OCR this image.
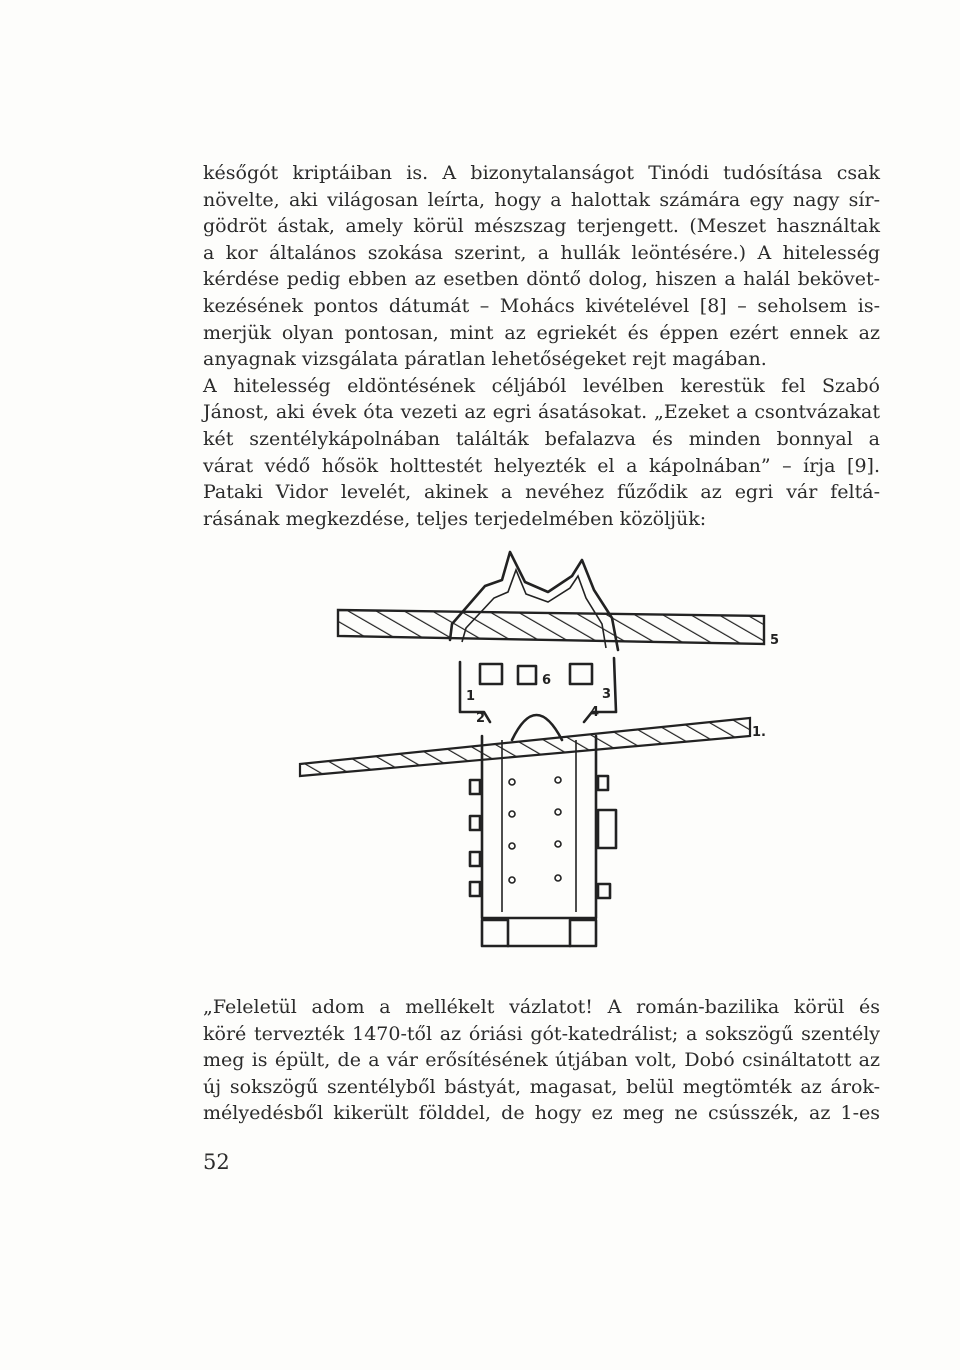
későgót kriptáiban is. A bizonytalanságot Tinódi tudósítása csak
növelte, aki világosan leírta, hogy a halottak számára egy nagy sír-
gödröt ástak, amely körül mészszag terjengett. (Meszet használtak
a kor általános szokása szerint, a hullák leöntésére.) A hitelesség
kérdése pedig ebben az esetben döntő dolog, hiszen a halál bekövet-
kezésének pontos dátumát – Mohács kivételével [8] – seholsem is-
merjük olyan pontosan, mint az egriekét és éppen ezért ennek az
anyagnak vizsgálata páratlan lehetőségeket rejt magában.
A hitelesség eldöntésének céljából levélben kerestük fel Szabó
Jánost, aki évek óta vezeti az egri ásatásokat. „Ezeket a csontvázakat
két szentélykápolnában találták befalazva és minden bonnyal a
várat védő hősök holttestét helyezték el a kápolnában” – írja [9].
Pataki Vidor levelét, akinek a nevéhez fűződik az egri vár feltá-
rásának megkezdése, teljes terjedelmében közöljük:
1
2
3
4
5
6
1.
„Feleletül adom a mellékelt vázlatot! A román-bazilika körül és
köré tervezték 1470-től az óriási gót-katedrálist; a sokszögű szentély
meg is épült, de a vár erősítésének útjában volt, Dobó csináltatott az
új sokszögű szentélyből bástyát, magasat, belül megtömték az árok-
mélyedésből kikerült földdel, de hogy ez meg ne csússzék, az 1-es
52
